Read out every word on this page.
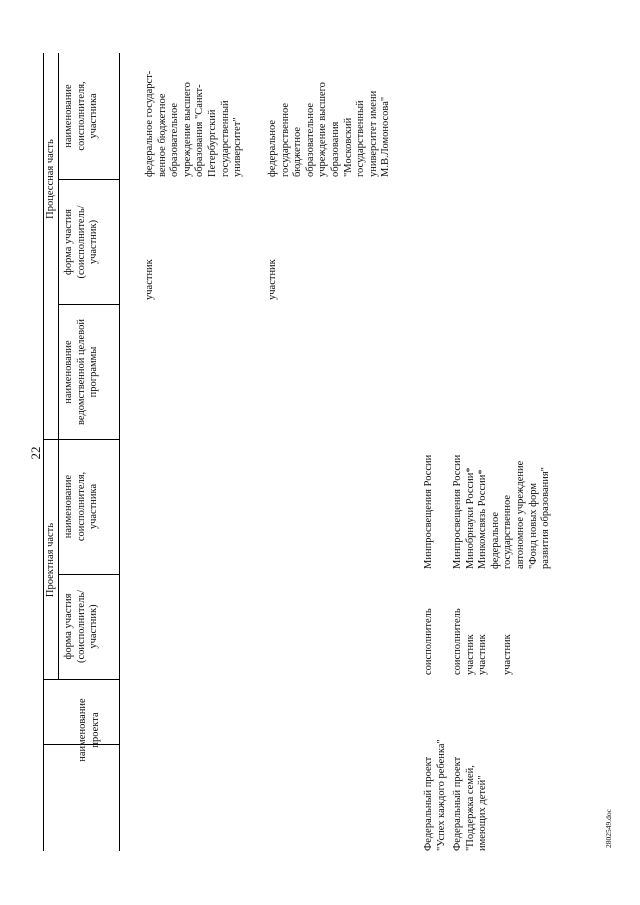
22
Проектная часть
Процессная часть
наименование
проекта
форма участия
(соисполнитель/
участник)
наименование
соисполнителя,
участника
наименование
ведомственной целевой
программы
форма участия
(соисполнитель/
участник)
наименование
соисполнителя,
участника
Федеральный проект
"Успех каждого ребенка"
соисполнитель
Минпросвещения России
Федеральный проект
"Поддержка семей,
имеющих детей"
соисполнитель
участник
участник

участник
Минпросвещения России
Минобрнауки России*
Минкомсвязь России*
федеральное
государственное
автономное учреждение
"Фонд новых форм
развития образования"
участник
федеральное государст-
венное бюджетное
образовательное
учреждение высшего
образования "Санкт-
Петербургский
государственный
университет"
участник
федеральное
государственное
бюджетное
образовательное
учреждение высшего
образования
"Московский
государственный
университет имени
М.В.Ломоносова"
2802549.doc
